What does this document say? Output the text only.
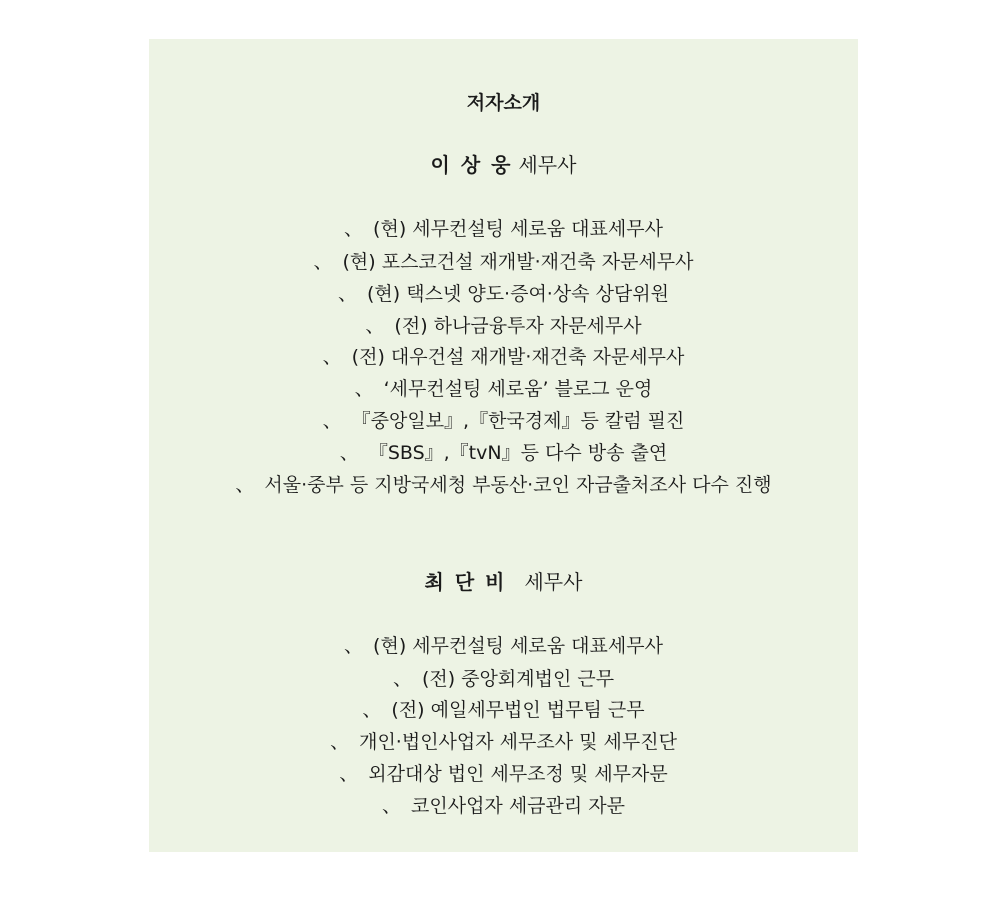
저자소개
이 상 웅 세무사
、 (현) 세무컨설팅 세로움 대표세무사
、 (현) 포스코건설 재개발·재건축 자문세무사
、 (현) 택스넷 양도·증여·상속 상담위원
、 (전) 하나금융투자 자문세무사
、 (전) 대우건설 재개발·재건축 자문세무사
、 ‘세무컨설팅 세로움’ 블로그 운영
、 『중앙일보』,『한국경제』등 칼럼 필진
、 『SBS』,『tvN』등 다수 방송 출연
、 서울·중부 등 지방국세청 부동산·코인 자금출처조사 다수 진행
최 단 비 세무사
、 (현) 세무컨설팅 세로움 대표세무사
、 (전) 중앙회계법인 근무
、 (전) 예일세무법인 법무팀 근무
、 개인·법인사업자 세무조사 및 세무진단
、 외감대상 법인 세무조정 및 세무자문
、 코인사업자 세금관리 자문
